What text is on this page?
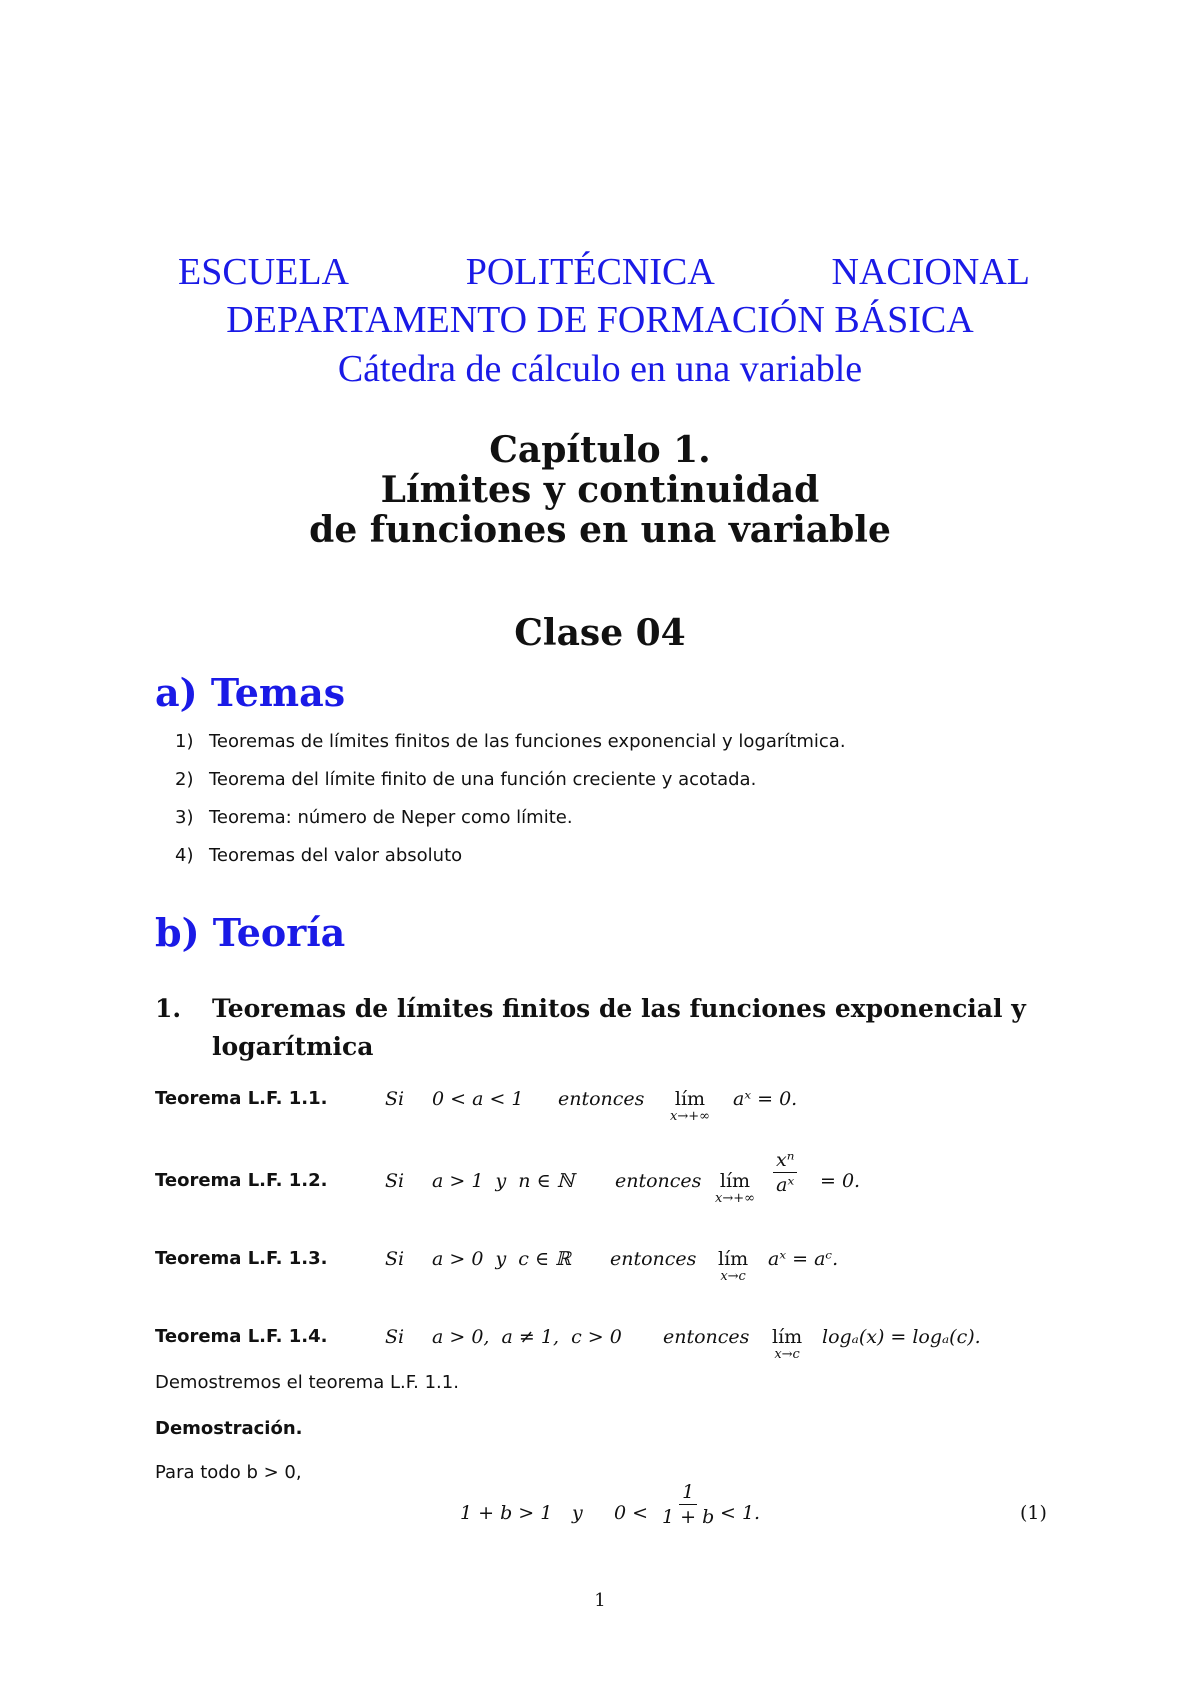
ESCUELA	POLITÉCNICA	NACIONAL
DEPARTAMENTO DE FORMACIÓN BÁSICA
Cátedra de cálculo en una variable
Capítulo 1.
Límites y continuidad
de funciones en una variable
Clase 04
a) Temas
1) Teoremas de límites finitos de las funciones exponencial y logarítmica.
2) Teorema del límite finito de una función creciente y acotada.
3) Teorema: número de Neper como límite.
4) Teoremas del valor absoluto
b) Teoría
1. Teoremas de límites finitos de las funciones exponencial y logarítmica
Teorema L.F. 1.1.	Si 0 < a < 1 entonces lím
x→+∞
aˣ = 0.
Teorema L.F. 1.2.	Si a > 1  y  n ∈ ℕ entonces lím
x→+∞
$\frac{\text{xⁿ}}{\text{aˣ}} = 0$.
Teorema L.F. 1.3.	Si a > 0  y  c ∈ ℝ entonces lím
x→c
aˣ = aᶜ.
Teorema L.F. 1.4.	Si a > 0,  a ≠ 1,  c > 0 entonces lím
x→c
logₐ(x) = logₐ(c).
Demostremos el teorema L.F. 1.1.
Demostración.
Para todo b > 0,
1 + b > 1 y $0 < \frac{1}{1 + b} < 1$.	(1)
1
